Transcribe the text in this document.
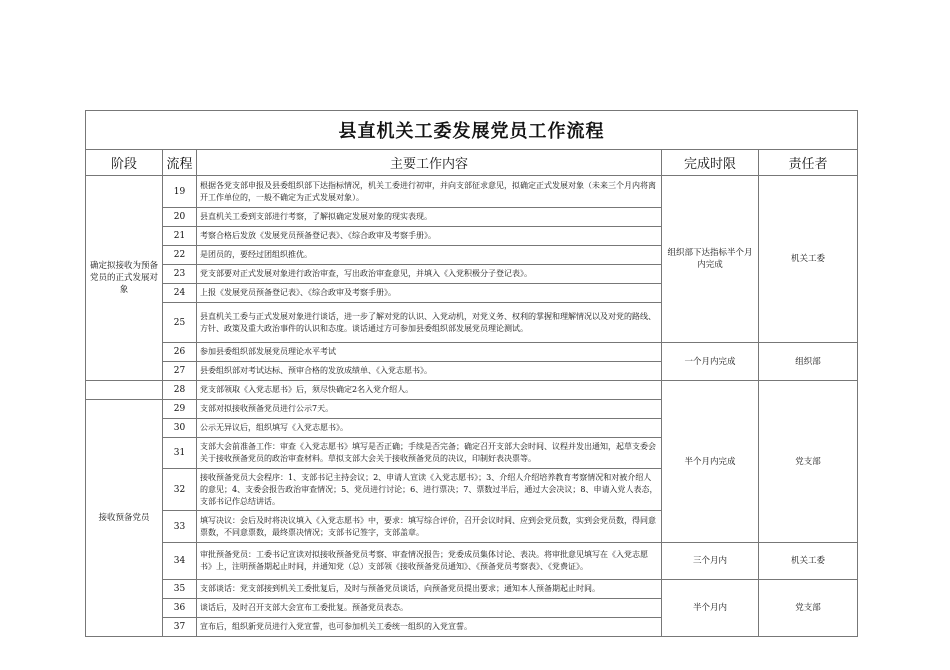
县直机关工委发展党员工作流程				
阶段	流程	主要工作内容	完成时限	责任者
确定拟接收为预备党员的正式发展对象	19	根据各党支部申报及县委组织部下达指标情况，机关工委进行初审，并向支部征求意见，拟确定正式发展对象（未来三个月内将离开工作单位的，一般不确定为正式发展对象）。	组织部下达指标半个月内完成	机关工委
	20	县直机关工委到支部进行考察，了解拟确定发展对象的现实表现。		
	21	考察合格后发放《发展党员预备登记表》、《综合政审及考察手册》。		
	22	是团员的，要经过团组织推优。		
	23	党支部要对正式发展对象进行政治审查，写出政治审查意见，并填入《入党积极分子登记表》。		
	24	上报《发展党员预备登记表》、《综合政审及考察手册》。		
	25	县直机关工委与正式发展对象进行谈话，进一步了解对党的认识、入党动机，对党义务、权利的掌握和理解情况以及对党的路线、方针、政策及重大政治事件的认识和态度。谈话通过方可参加县委组织部发展党员理论测试。		
	26	参加县委组织部发展党员理论水平考试	一个月内完成	组织部
	27	县委组织部对考试达标、预审合格的发放成绩单、《入党志愿书》。		
	28	党支部领取《入党志愿书》后，须尽快确定2名入党介绍人。	半个月内完成	党支部
接收预备党员	29	支部对拟接收预备党员进行公示7天。		
	30	公示无异议后，组织填写《入党志愿书》。		
	31	支部大会前准备工作：审查《入党志愿书》填写是否正确；手续是否完备；确定召开支部大会时间、议程并发出通知，起草支委会关于接收预备党员的政治审查材料。草拟支部大会关于接收预备党员的决议，印制好表决票等。		
	32	接收预备党员大会程序：1、支部书记主持会议；2、申请人宣读《入党志愿书》；3、介绍人介绍培养教育考察情况和对被介绍人的意见；4、支委会报告政治审查情况；5、党员进行讨论；6、进行票决；7、票数过半后，通过大会决议；8、申请入党人表态，支部书记作总结讲话。		
	33	填写决议：会后及时将决议填入《入党志愿书》中，要求：填写综合评价，召开会议时间、应到会党员数，实到会党员数，得同意票数，不同意票数，最终票决情况；支部书记签字，支部盖章。		
	34	审批预备党员：工委书记宣读对拟接收预备党员考察、审查情况报告；党委成员集体讨论、表决。将审批意见填写在《入党志愿书》上，注明预备期起止时间，并通知党（总）支部领《接收预备党员通知》、《预备党员考察表》、《党费证》。	三个月内	机关工委
	35	支部谈话：党支部接到机关工委批复后，及时与预备党员谈话，向预备党员提出要求；通知本人预备期起止时间。	半个月内	党支部
	36	谈话后，及时召开支部大会宣布工委批复。预备党员表态。		
	37	宣布后，组织新党员进行入党宣誓，也可参加机关工委统一组织的入党宣誓。		
